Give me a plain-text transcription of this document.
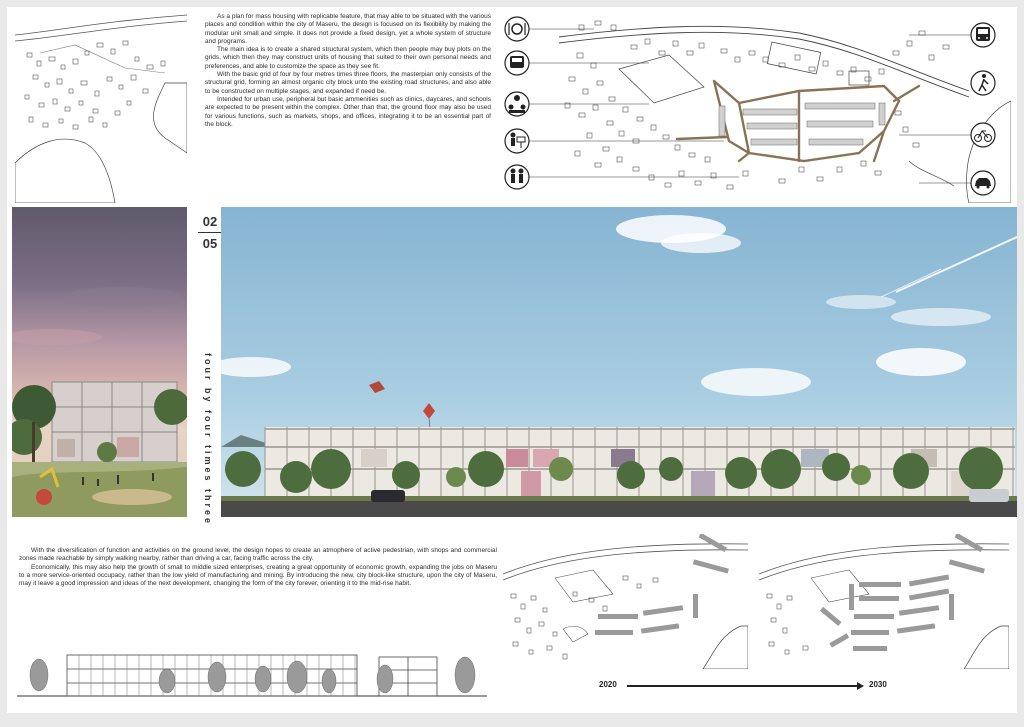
As a plan for mass housing with replicable feature, that may able to be situated with the various places and condition within the city of Maseru, the design is focused on its flexibility by making the modular unit small and simple. It does not provide a fixed design, yet a whole system of structure and programs.

The main idea is to create a shared structural system, which then people may buy plots on the grids, which then they may construct units of housing that suited to their own personal needs and preferences, and able to customize the space as they see fit.

With the basic grid of four by four metres times three floors, the masterpian only consists of the structural grid, forming an almost organic city block unto the existing road structures, and also able to be constructed on multiple stages, and expanded if need be.

Intended for urban use, peripheral but basic ammenities such as clinics, daycares, and schools are expected to be present within the complex. Other than that, the ground floor may also be used for various functions, such as markets, shops, and offices, integrating it to be an essential part of the block.

02
05
four by four times three

With the diversification of function and activities on the ground level, the design hopes to create an atmophere of active pedestrian, with shops and commercial zones made reachable by simply walking nearby, rather than driving a car, facing traffic across the city.

Economically, this may also help the growth of small to middle sized enterprises, creating a great opportunity of economic growth, expanding the jobs on Maseru to a more service-oriented occupacy, rather than the low yield of manufacturing and mining. By introducing the new, city block-like structure, upon the city of Maseru, may it leave a good impression and ideas of the next development, changing the form of the city forever, orienting it to the mid-rise habit.

2020	2030
